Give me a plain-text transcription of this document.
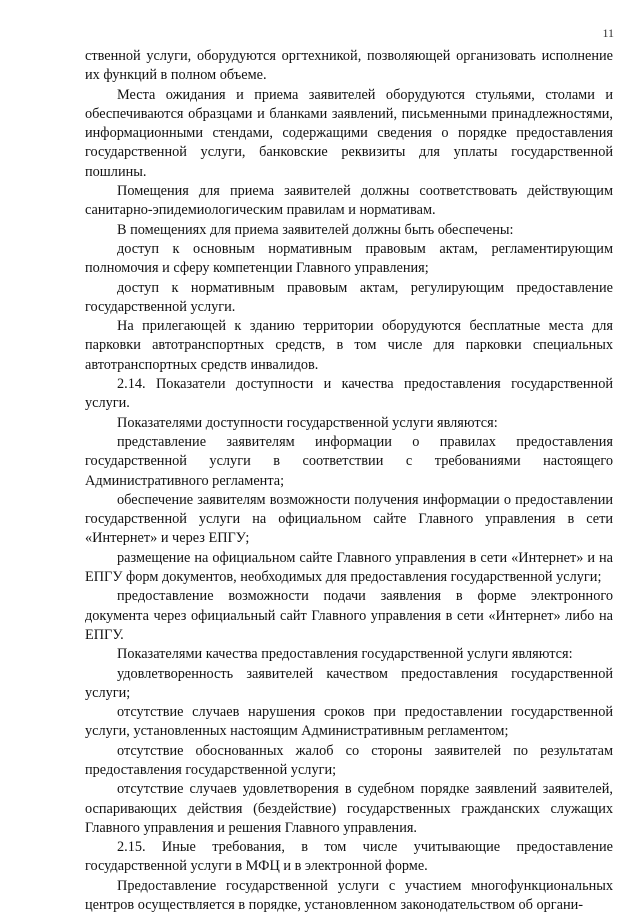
11

ственной услуги, оборудуются оргтехникой, позволяющей организовать исполнение их функций в полном объеме.

Места ожидания и приема заявителей оборудуются стульями, столами и обеспечиваются образцами и бланками заявлений, письменными принадлежностями, информационными стендами, содержащими сведения о порядке предоставления государственной услуги, банковские реквизиты для уплаты государственной пошлины.

Помещения для приема заявителей должны соответствовать действующим санитарно-эпидемиологическим правилам и нормативам.

В помещениях для приема заявителей должны быть обеспечены:

доступ к основным нормативным правовым актам, регламентирующим полномочия и сферу компетенции Главного управления;

доступ к нормативным правовым актам, регулирующим предоставление государственной услуги.

На прилегающей к зданию территории оборудуются бесплатные места для парковки автотранспортных средств, в том числе для парковки специальных автотранспортных средств инвалидов.

2.14. Показатели доступности и качества предоставления государственной услуги.

Показателями доступности государственной услуги являются:

представление заявителям информации о правилах предоставления государственной услуги в соответствии с требованиями настоящего Административного регламента;

обеспечение заявителям возможности получения информации о предоставлении государственной услуги на официальном сайте Главного управления в сети «Интернет» и через ЕПГУ;

размещение на официальном сайте Главного управления в сети «Интернет» и на ЕПГУ форм документов, необходимых для предоставления государственной услуги;

предоставление возможности подачи заявления в форме электронного документа через официальный сайт Главного управления в сети «Интернет» либо на ЕПГУ.

Показателями качества предоставления государственной услуги являются:

удовлетворенность заявителей качеством предоставления государственной услуги;

отсутствие случаев нарушения сроков при предоставлении государственной услуги, установленных настоящим Административным регламентом;

отсутствие обоснованных жалоб со стороны заявителей по результатам предоставления государственной услуги;

отсутствие случаев удовлетворения в судебном порядке заявлений заявителей, оспаривающих действия (бездействие) государственных гражданских служащих Главного управления и решения Главного управления.

2.15. Иные требования, в том числе учитывающие предоставление государственной услуги в МФЦ и в электронной форме.

Предоставление государственной услуги с участием многофункциональных центров осуществляется в порядке, установленном законодательством об органи-
